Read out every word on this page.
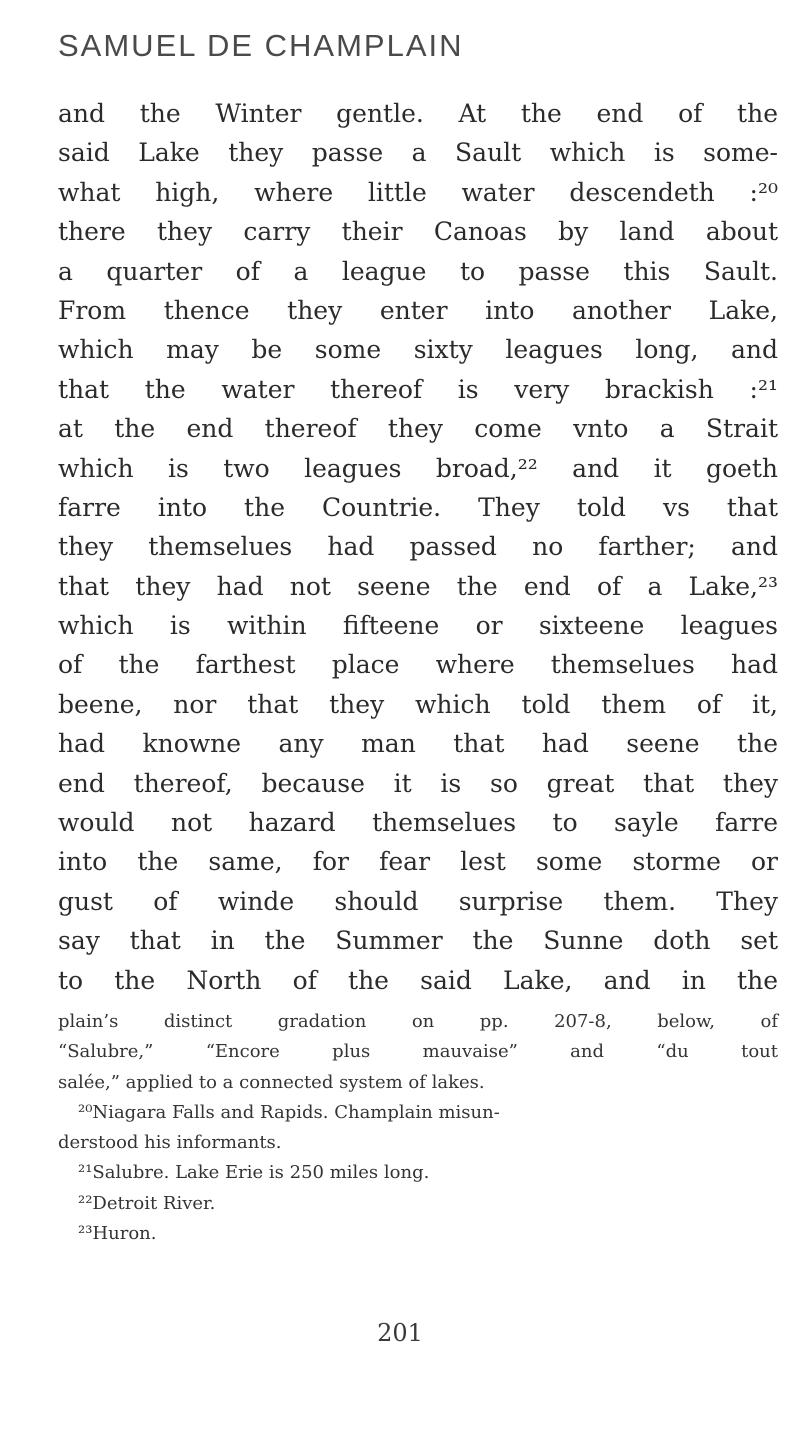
SAMUEL DE CHAMPLAIN
and the Winter gentle. At the end of the
said Lake they passe a Sault which is some-
what high, where little water descendeth :²⁰
there they carry their Canoas by land about
a quarter of a league to passe this Sault.
From thence they enter into another Lake,
which may be some sixty leagues long, and
that the water thereof is very brackish :²¹
at the end thereof they come vnto a Strait
which is two leagues broad,²² and it goeth
farre into the Countrie. They told vs that
they themselues had passed no farther; and
that they had not seene the end of a Lake,²³
which is within fifteene or sixteene leagues
of the farthest place where themselues had
beene, nor that they which told them of it,
had knowne any man that had seene the
end thereof, because it is so great that they
would not hazard themselues to sayle farre
into the same, for fear lest some storme or
gust of winde should surprise them. They
say that in the Summer the Sunne doth set
to the North of the said Lake, and in the
plain’s distinct gradation on pp. 207-8, below, of
“Salubre,” “Encore plus mauvaise” and “du tout
salée,” applied to a connected system of lakes.
²⁰Niagara Falls and Rapids. Champlain misun-
derstood his informants.
²¹Salubre. Lake Erie is 250 miles long.
²²Detroit River.
²³Huron.
201
